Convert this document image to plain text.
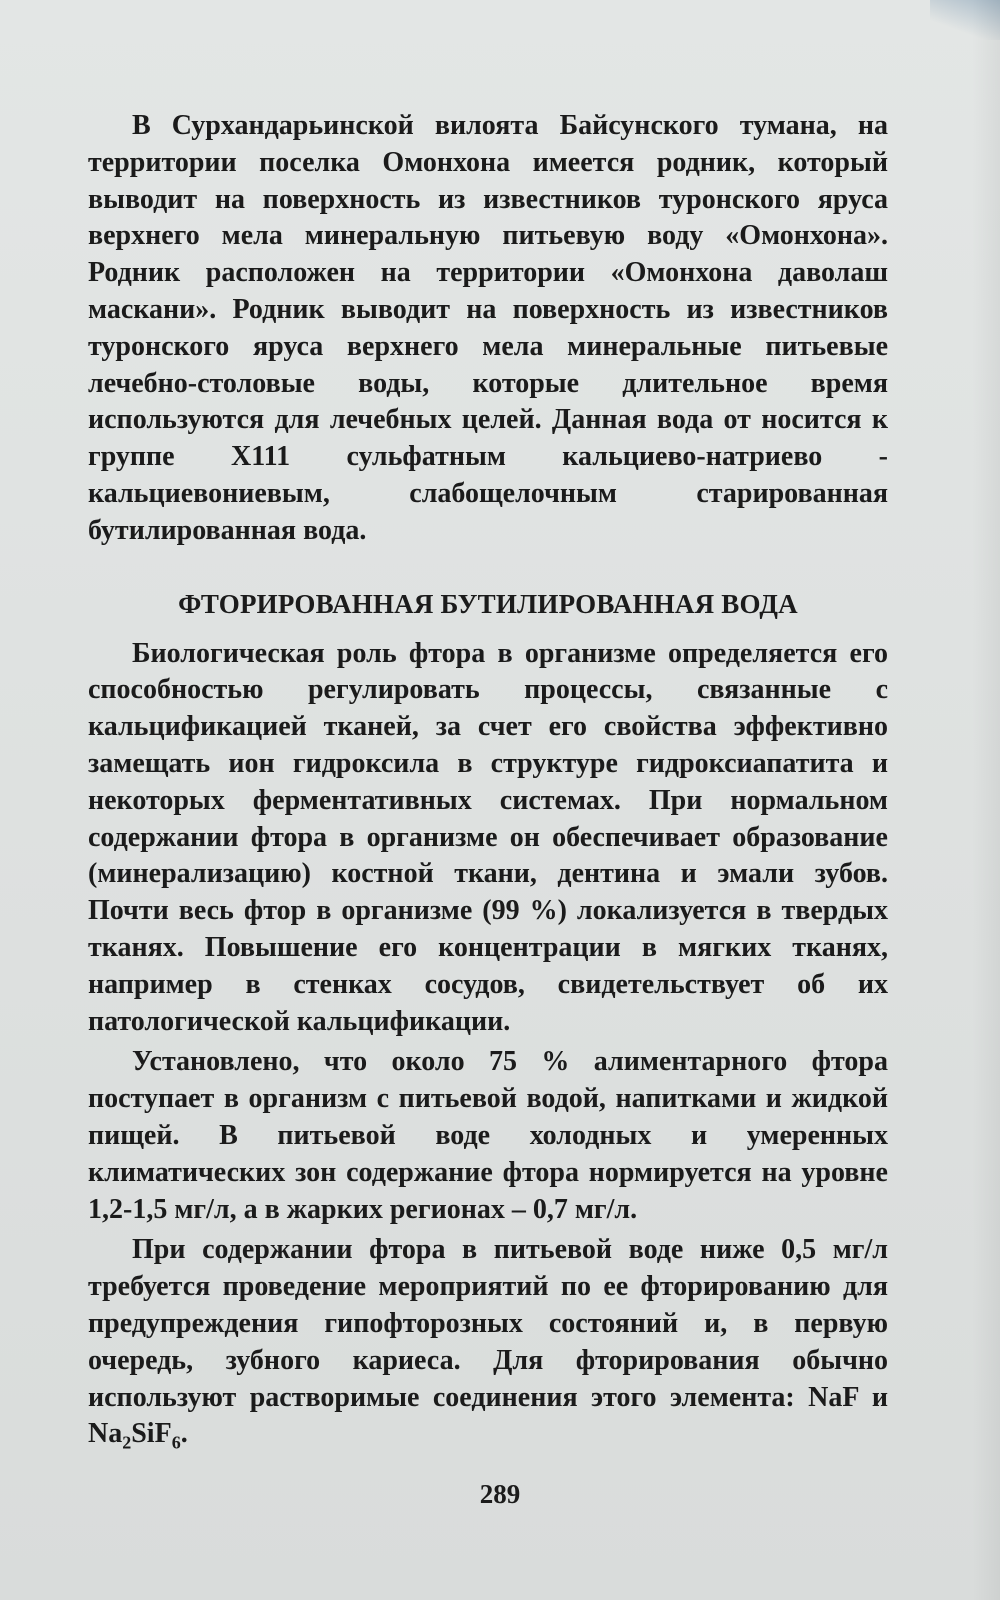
В Сурхандарьинской вилоята Байсунского тумана, на территории поселка Омонхона имеется родник, который выводит на поверхность из известников туронского яруса верхнего мела минеральную питьевую воду «Омонхона». Родник расположен на территории «Омонхона даволаш маскани». Родник выводит на поверхность из известников туронского яруса верхнего мела минеральные питьевые лечебно-столовые воды, которые длительное время используются для лечебных целей. Данная вода от носится к группе X111 сульфатным кальциево-натриево - кальциевониевым, слабощелочным старированная бутилированная вода.

ФТОРИРОВАННАЯ БУТИЛИРОВАННАЯ ВОДА

Биологическая роль фтора в организме определяется его способностью регулировать процессы, связанные с кальцификацией тканей, за счет его свойства эффективно замещать ион гидроксила в структуре гидроксиапатита и некоторых ферментативных системах. При нормальном содержании фтора в организме он обеспечивает образование (минерализацию) костной ткани, дентина и эмали зубов. Почти весь фтор в организме (99 %) локализуется в твердых тканях. Повышение его концентрации в мягких тканях, например в стенках сосудов, свидетельствует об их патологической кальцификации.

Установлено, что около 75 % алиментарного фтора поступает в организм с питьевой водой, напитками и жидкой пищей. В питьевой воде холодных и умеренных климатических зон содержание фтора нормируется на уровне 1,2-1,5 мг/л, а в жарких регионах – 0,7 мг/л.

При содержании фтора в питьевой воде ниже 0,5 мг/л требуется проведение мероприятий по ее фторированию для предупреждения гипофторозных состояний и, в первую очередь, зубного кариеса. Для фторирования обычно используют растворимые соединения этого элемента: NaF и $Na_2SiF_6$.

289
